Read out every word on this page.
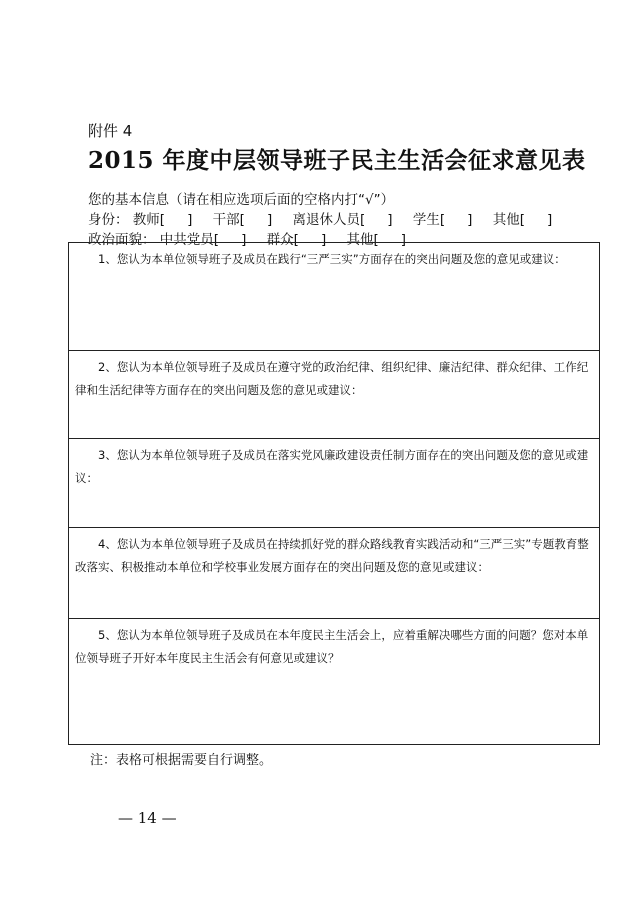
附件 4
2015 年度中层领导班子民主生活会征求意见表
您的基本信息（请在相应选项后面的空格内打“√”）
身份： 教师[ ] 干部[ ] 离退休人员[ ] 学生[ ] 其他[ ]
政治面貌： 中共党员[ ] 群众[ ] 其他[ ]
1、您认为本单位领导班子及成员在践行“三严三实”方面存在的突出问题及您的意见或建议：
2、您认为本单位领导班子及成员在遵守党的政治纪律、组织纪律、廉洁纪律、群众纪律、工作纪律和生活纪律等方面存在的突出问题及您的意见或建议：
3、您认为本单位领导班子及成员在落实党风廉政建设责任制方面存在的突出问题及您的意见或建议：
4、您认为本单位领导班子及成员在持续抓好党的群众路线教育实践活动和“三严三实”专题教育整改落实、积极推动本单位和学校事业发展方面存在的突出问题及您的意见或建议：
5、您认为本单位领导班子及成员在本年度民主生活会上，应着重解决哪些方面的问题？您对本单位领导班子开好本年度民主生活会有何意见或建议？
注：表格可根据需要自行调整。
— 14 —
